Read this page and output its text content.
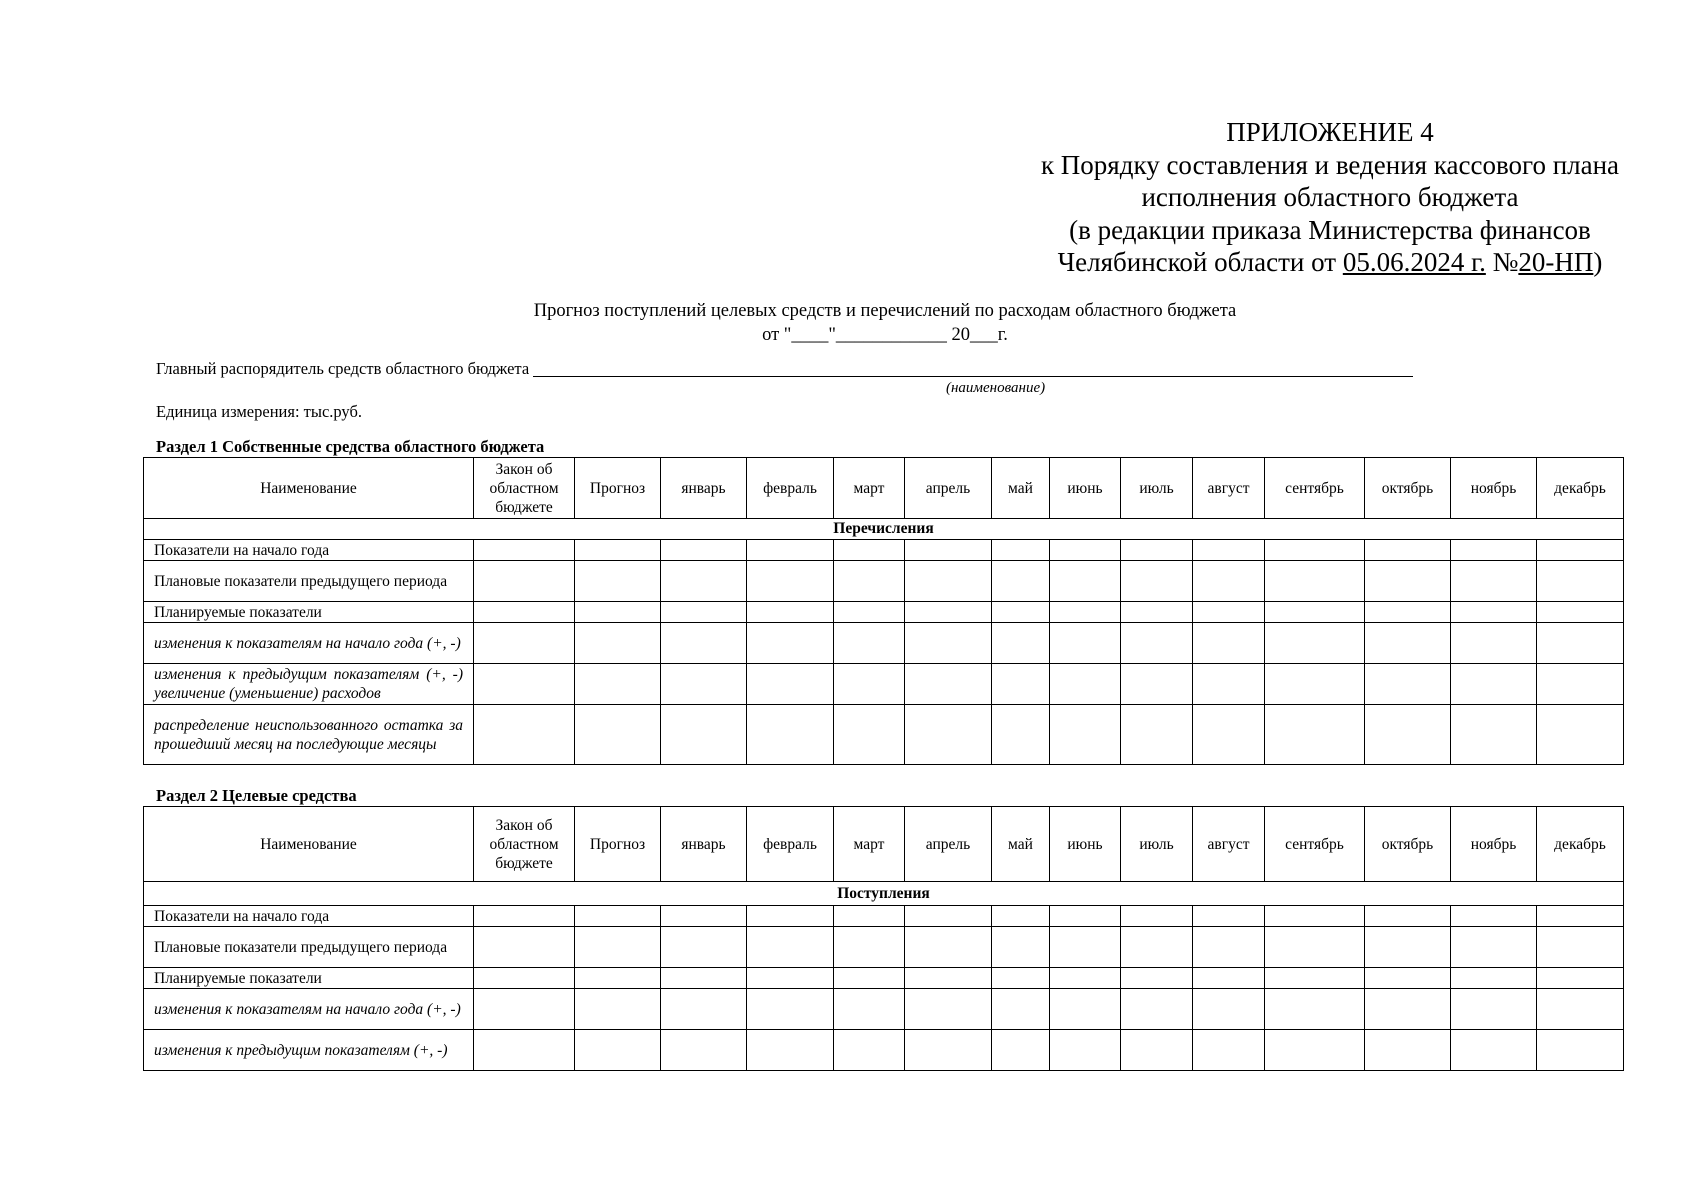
ПРИЛОЖЕНИЕ 4
к Порядку составления и ведения кассового плана
исполнения областного бюджета
(в редакции приказа Министерства финансов
Челябинской области от 05.06.2024 г. №20-НП)
Прогноз поступлений целевых средств и перечислений по расходам областного бюджета
от "____"____________ 20___г.
Главный распорядитель средств областного бюджета
(наименование)
Единица измерения: тыс.руб.
Раздел 1 Собственные средства областного бюджета
Наименование	Закон об областном бюджете	Прогноз	январь	февраль	март	апрель	май	июнь	июль	август	сентябрь	октябрь	ноябрь	декабрь
Перечисления														
Показатели на начало года														
Плановые показатели предыдущего периода														
Планируемые показатели														
изменения к показателям на начало года (+, -)														
изменения к предыдущим показателям (+, -) увеличение (уменьшение) расходов														
распределение неиспользованного остатка за прошедший месяц на последующие месяцы														
Раздел 2 Целевые средства
Наименование	Закон об областном бюджете	Прогноз	январь	февраль	март	апрель	май	июнь	июль	август	сентябрь	октябрь	ноябрь	декабрь
Поступления														
Показатели на начало года														
Плановые показатели предыдущего периода														
Планируемые показатели														
изменения к показателям на начало года (+, -)														
изменения к предыдущим показателям (+, -)														
